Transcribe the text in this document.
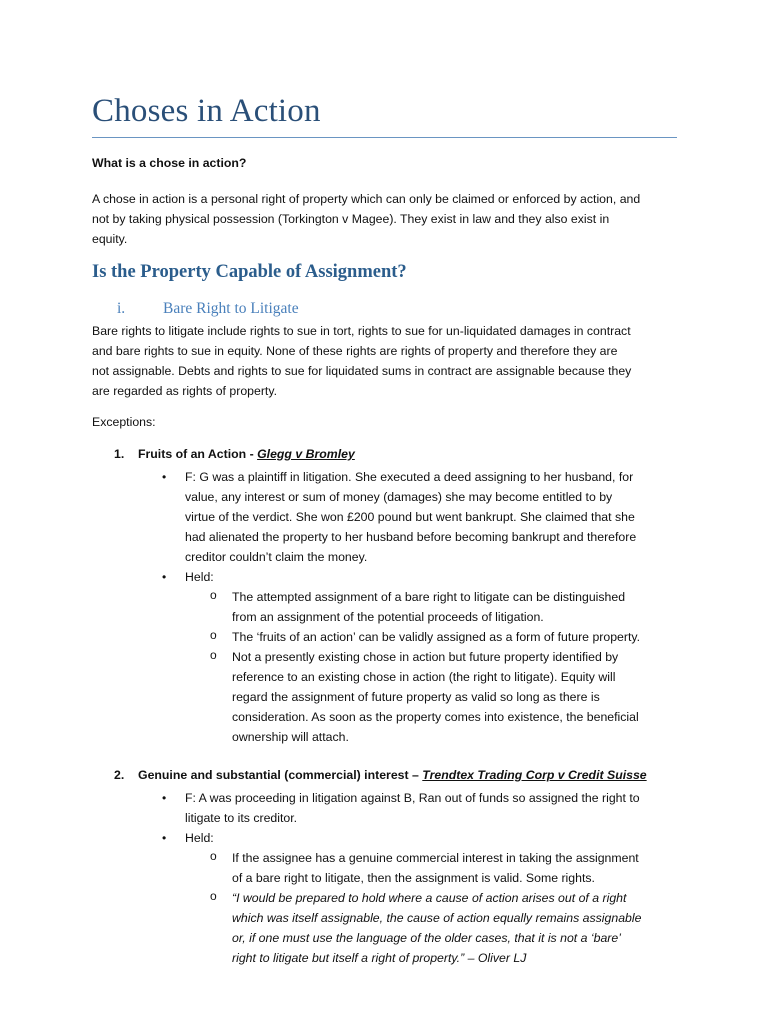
Choses in Action

What is a chose in action?

A chose in action is a personal right of property which can only be claimed or enforced by action, and
not by taking physical possession (Torkington v Magee). They exist in law and they also exist in
equity.
Is the Property Capable of Assignment?
i. Bare Right to Litigate
Bare rights to litigate include rights to sue in tort, rights to sue for un-liquidated damages in contract
and bare rights to sue in equity. None of these rights are rights of property and therefore they are
not assignable. Debts and rights to sue for liquidated sums in contract are assignable because they
are regarded as rights of property.

Exceptions:

1. Fruits of an Action - Glegg v Bromley
• F: G was a plaintiff in litigation. She executed a deed assigning to her husband, for
value, any interest or sum of money (damages) she may become entitled to by
virtue of the verdict. She won £200 pound but went bankrupt. She claimed that she
had alienated the property to her husband before becoming bankrupt and therefore
creditor couldn’t claim the money.
• Held:
o The attempted assignment of a bare right to litigate can be distinguished
from an assignment of the potential proceeds of litigation.
o The ‘fruits of an action’ can be validly assigned as a form of future property.
o Not a presently existing chose in action but future property identified by
reference to an existing chose in action (the right to litigate). Equity will
regard the assignment of future property as valid so long as there is
consideration. As soon as the property comes into existence, the beneficial
ownership will attach.
2. Genuine and substantial (commercial) interest – Trendtex Trading Corp v Credit Suisse
• F: A was proceeding in litigation against B, Ran out of funds so assigned the right to
litigate to its creditor.
• Held:
o If the assignee has a genuine commercial interest in taking the assignment
of a bare right to litigate, then the assignment is valid. Some rights.
o “I would be prepared to hold where a cause of action arises out of a right
which was itself assignable, the cause of action equally remains assignable
or, if one must use the language of the older cases, that it is not a ‘bare’
right to litigate but itself a right of property.” – Oliver LJ
